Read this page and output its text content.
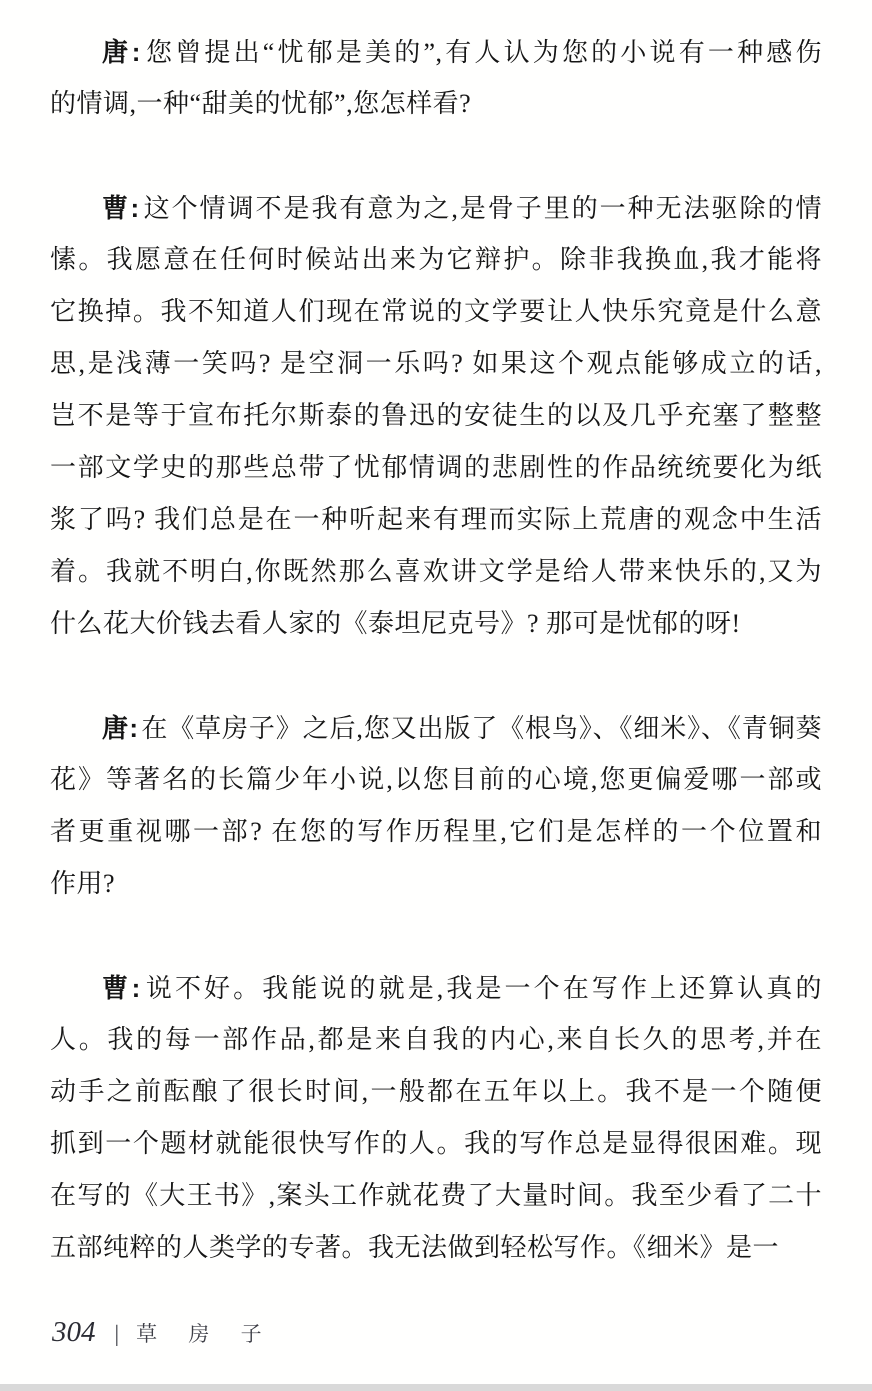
唐:您曾提出“忧郁是美的”,有人认为您的小说有一种感伤
的情调,一种“甜美的忧郁”,您怎样看?
曹:这个情调不是我有意为之,是骨子里的一种无法驱除的情
愫。我愿意在任何时候站出来为它辩护。除非我换血,我才能将
它换掉。我不知道人们现在常说的文学要让人快乐究竟是什么意
思,是浅薄一笑吗? 是空洞一乐吗? 如果这个观点能够成立的话,
岂不是等于宣布托尔斯泰的鲁迅的安徒生的以及几乎充塞了整整
一部文学史的那些总带了忧郁情调的悲剧性的作品统统要化为纸
浆了吗? 我们总是在一种听起来有理而实际上荒唐的观念中生活
着。我就不明白,你既然那么喜欢讲文学是给人带来快乐的,又为
什么花大价钱去看人家的《泰坦尼克号》? 那可是忧郁的呀!
唐:在《草房子》之后,您又出版了《根鸟》、《细米》、《青铜葵
花》等著名的长篇少年小说,以您目前的心境,您更偏爱哪一部或
者更重视哪一部? 在您的写作历程里,它们是怎样的一个位置和
作用?
曹:说不好。我能说的就是,我是一个在写作上还算认真的
人。我的每一部作品,都是来自我的内心,来自长久的思考,并在
动手之前酝酿了很长时间,一般都在五年以上。我不是一个随便
抓到一个题材就能很快写作的人。我的写作总是显得很困难。现
在写的《大王书》,案头工作就花费了大量时间。我至少看了二十
五部纯粹的人类学的专著。我无法做到轻松写作。《细米》是一
304 | 草 房 子
